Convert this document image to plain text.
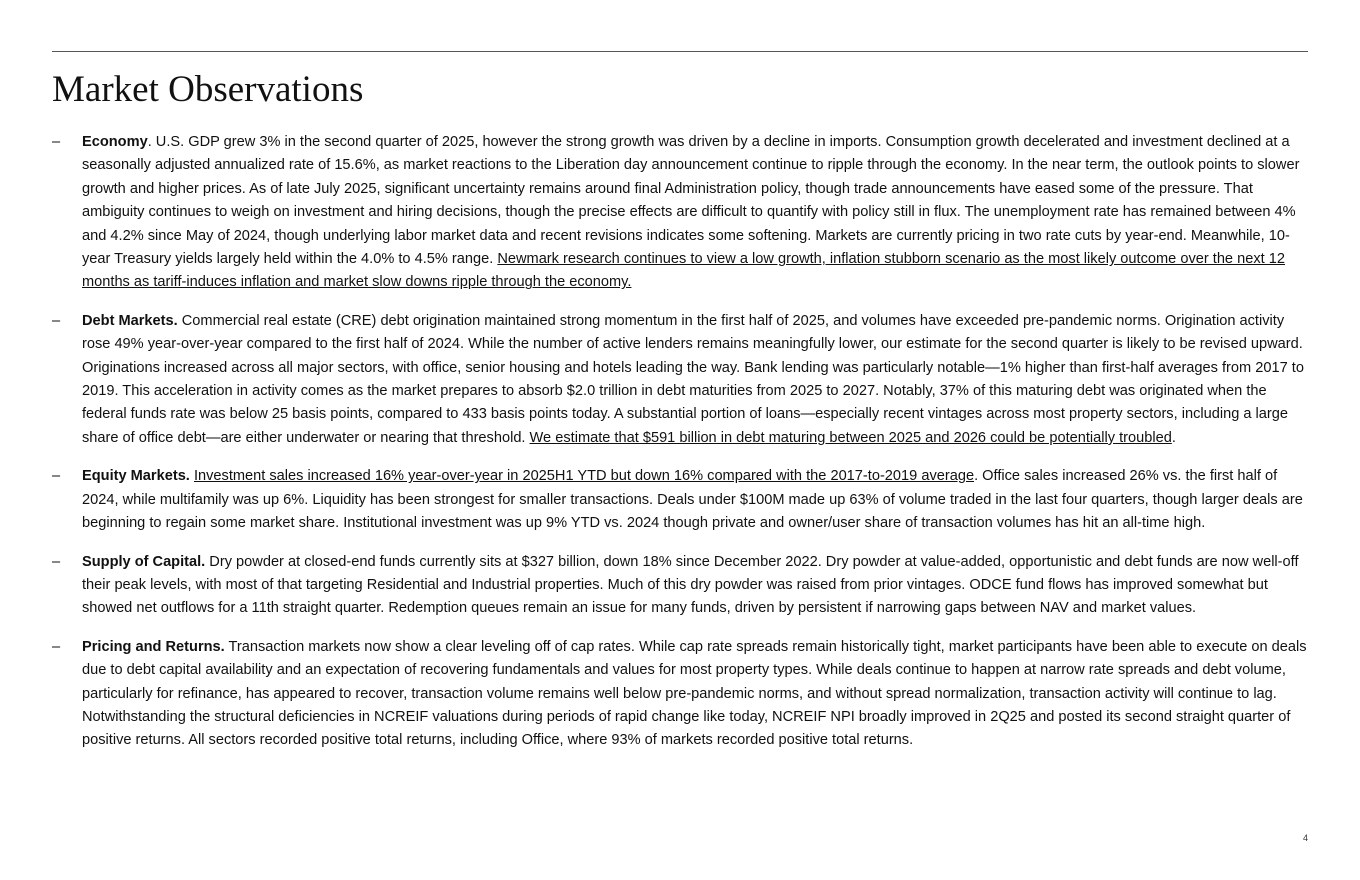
Market Observations
– Economy. U.S. GDP grew 3% in the second quarter of 2025, however the strong growth was driven by a decline in imports. Consumption growth decelerated and investment declined at a seasonally adjusted annualized rate of 15.6%, as market reactions to the Liberation day announcement continue to ripple through the economy. In the near term, the outlook points to slower growth and higher prices. As of late July 2025, significant uncertainty remains around final Administration policy, though trade announcements have eased some of the pressure. That ambiguity continues to weigh on investment and hiring decisions, though the precise effects are difficult to quantify with policy still in flux. The unemployment rate has remained between 4% and 4.2% since May of 2024, though underlying labor market data and recent revisions indicates some softening. Markets are currently pricing in two rate cuts by year-end. Meanwhile, 10-year Treasury yields largely held within the 4.0% to 4.5% range. Newmark research continues to view a low growth, inflation stubborn scenario as the most likely outcome over the next 12 months as tariff-induces inflation and market slow downs ripple through the economy.
– Debt Markets. Commercial real estate (CRE) debt origination maintained strong momentum in the first half of 2025, and volumes have exceeded pre-pandemic norms. Origination activity rose 49% year-over-year compared to the first half of 2024. While the number of active lenders remains meaningfully lower, our estimate for the second quarter is likely to be revised upward. Originations increased across all major sectors, with office, senior housing and hotels leading the way. Bank lending was particularly notable—1% higher than first-half averages from 2017 to 2019. This acceleration in activity comes as the market prepares to absorb $2.0 trillion in debt maturities from 2025 to 2027. Notably, 37% of this maturing debt was originated when the federal funds rate was below 25 basis points, compared to 433 basis points today. A substantial portion of loans—especially recent vintages across most property sectors, including a large share of office debt—are either underwater or nearing that threshold. We estimate that $591 billion in debt maturing between 2025 and 2026 could be potentially troubled.
– Equity Markets. Investment sales increased 16% year-over-year in 2025H1 YTD but down 16% compared with the 2017-to-2019 average. Office sales increased 26% vs. the first half of 2024, while multifamily was up 6%. Liquidity has been strongest for smaller transactions. Deals under $100M made up 63% of volume traded in the last four quarters, though larger deals are beginning to regain some market share. Institutional investment was up 9% YTD vs. 2024 though private and owner/user share of transaction volumes has hit an all-time high.
– Supply of Capital. Dry powder at closed-end funds currently sits at $327 billion, down 18% since December 2022. Dry powder at value-added, opportunistic and debt funds are now well-off their peak levels, with most of that targeting Residential and Industrial properties. Much of this dry powder was raised from prior vintages. ODCE fund flows has improved somewhat but showed net outflows for a 11th straight quarter. Redemption queues remain an issue for many funds, driven by persistent if narrowing gaps between NAV and market values.
– Pricing and Returns. Transaction markets now show a clear leveling off of cap rates. While cap rate spreads remain historically tight, market participants have been able to execute on deals due to debt capital availability and an expectation of recovering fundamentals and values for most property types. While deals continue to happen at narrow rate spreads and debt volume, particularly for refinance, has appeared to recover, transaction volume remains well below pre-pandemic norms, and without spread normalization, transaction activity will continue to lag. Notwithstanding the structural deficiencies in NCREIF valuations during periods of rapid change like today, NCREIF NPI broadly improved in 2Q25 and posted its second straight quarter of positive returns. All sectors recorded positive total returns, including Office, where 93% of markets recorded positive total returns.
4
